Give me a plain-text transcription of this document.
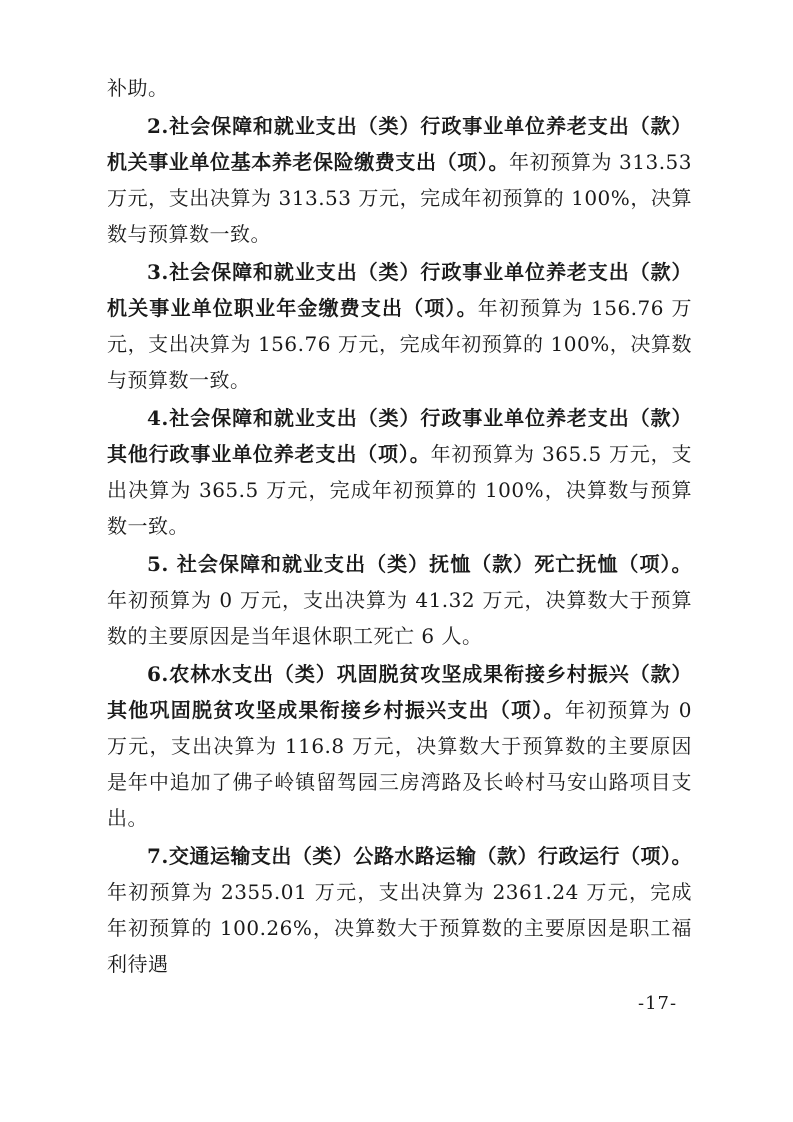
补助。

2.社会保障和就业支出（类）行政事业单位养老支出（款）机关事业单位基本养老保险缴费支出（项）。年初预算为 313.53 万元，支出决算为 313.53 万元，完成年初预算的 100%，决算数与预算数一致。

3.社会保障和就业支出（类）行政事业单位养老支出（款）机关事业单位职业年金缴费支出（项）。年初预算为 156.76 万元，支出决算为 156.76 万元，完成年初预算的 100%，决算数与预算数一致。

4.社会保障和就业支出（类）行政事业单位养老支出（款）其他行政事业单位养老支出（项）。年初预算为 365.5 万元，支出决算为 365.5 万元，完成年初预算的 100%，决算数与预算数一致。

5. 社会保障和就业支出（类）抚恤（款）死亡抚恤（项）。年初预算为 0 万元，支出决算为 41.32 万元，决算数大于预算数的主要原因是当年退休职工死亡 6 人。

6.农林水支出（类）巩固脱贫攻坚成果衔接乡村振兴（款）其他巩固脱贫攻坚成果衔接乡村振兴支出（项）。年初预算为 0 万元，支出决算为 116.8 万元，决算数大于预算数的主要原因是年中追加了佛子岭镇留驾园三房湾路及长岭村马安山路项目支出。

7.交通运输支出（类）公路水路运输（款）行政运行（项）。年初预算为 2355.01 万元，支出决算为 2361.24 万元，完成年初预算的 100.26%，决算数大于预算数的主要原因是职工福利待遇

-17-
